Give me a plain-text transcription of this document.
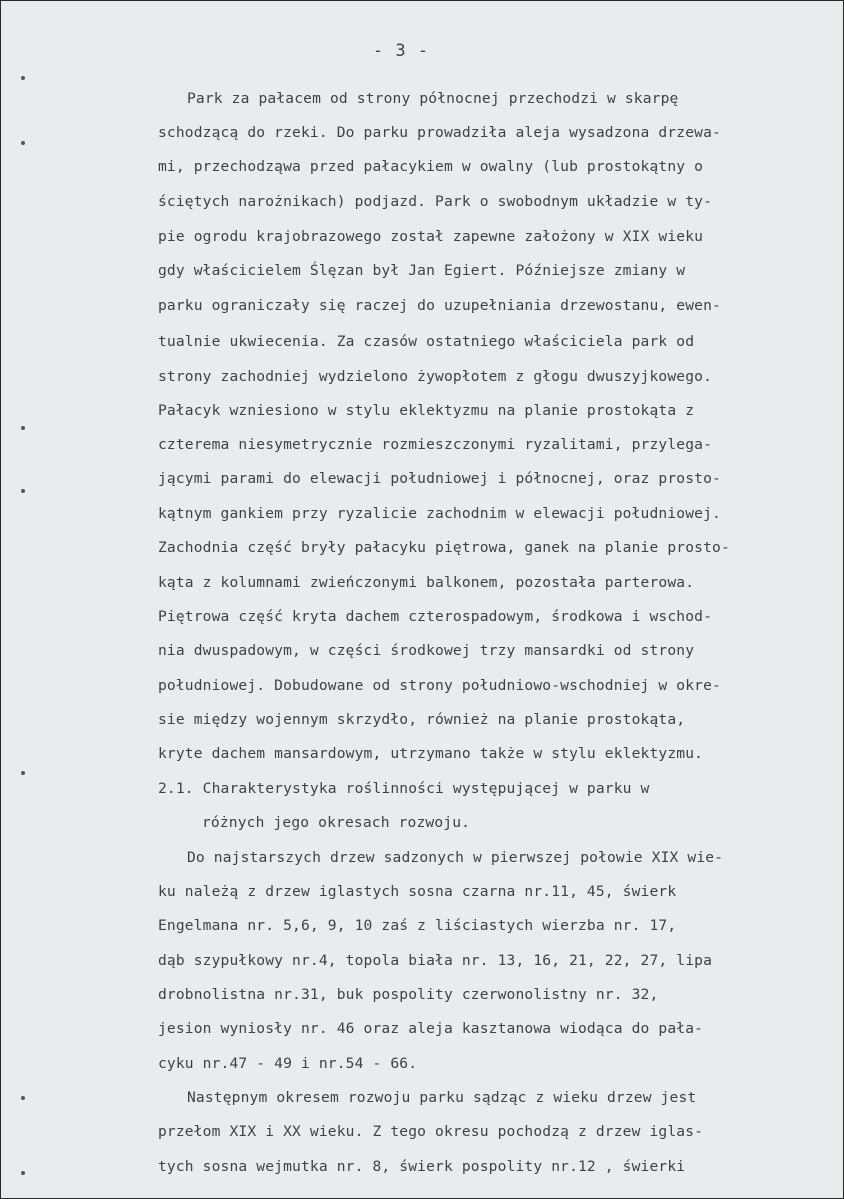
- 3 -
Park za pałacem od strony północnej przechodzi w skarpę
schodzącą do rzeki. Do parku prowadziła aleja wysadzona drzewa-
mi, przechodząwa przed pałacykiem w owalny (lub prostokątny o
ściętych narożnikach) podjazd. Park o swobodnym układzie w ty-
pie ogrodu krajobrazowego został zapewne założony w XIX wieku
gdy właścicielem Ślęzan był Jan Egiert. Późniejsze zmiany w
parku ograniczały się raczej do uzupełniania drzewostanu, ewen-
tualnie ukwiecenia. Za czasów ostatniego właściciela park od
strony zachodniej wydzielono żywopłotem z głogu dwuszyjkowego.
Pałacyk wzniesiono w stylu eklektyzmu na planie prostokąta z
czterema niesymetrycznie rozmieszczonymi ryzalitami, przylega-
jącymi parami do elewacji południowej i północnej, oraz prosto-
kątnym gankiem przy ryzalicie zachodnim w elewacji południowej.
Zachodnia część bryły pałacyku piętrowa, ganek na planie prosto-
kąta z kolumnami zwieńczonymi balkonem, pozostała parterowa.
Piętrowa część kryta dachem czterospadowym, środkowa i wschod-
nia dwuspadowym, w części środkowej trzy mansardki od strony
południowej. Dobudowane od strony południowo-wschodniej w okre-
sie między wojennym skrzydło, również na planie prostokąta,
kryte dachem mansardowym, utrzymano także w stylu eklektyzmu.
2.1. Charakterystyka roślinności występującej w parku w
różnych jego okresach rozwoju.
Do najstarszych drzew sadzonych w pierwszej połowie XIX wie-
ku należą z drzew iglastych sosna czarna nr.11, 45, świerk
Engelmana nr. 5,6, 9, 10 zaś z liściastych wierzba nr. 17,
dąb szypułkowy nr.4, topola biała nr. 13, 16, 21, 22, 27, lipa
drobnolistna nr.31, buk pospolity czerwonolistny nr. 32,
jesion wyniosły nr. 46 oraz aleja kasztanowa wiodąca do pała-
cyku nr.47 - 49 i nr.54 - 66.
Następnym okresem rozwoju parku sądząc z wieku drzew jest
przełom XIX i XX wieku. Z tego okresu pochodzą z drzew iglas-
tych sosna wejmutka nr. 8, świerk pospolity nr.12 , świerki
